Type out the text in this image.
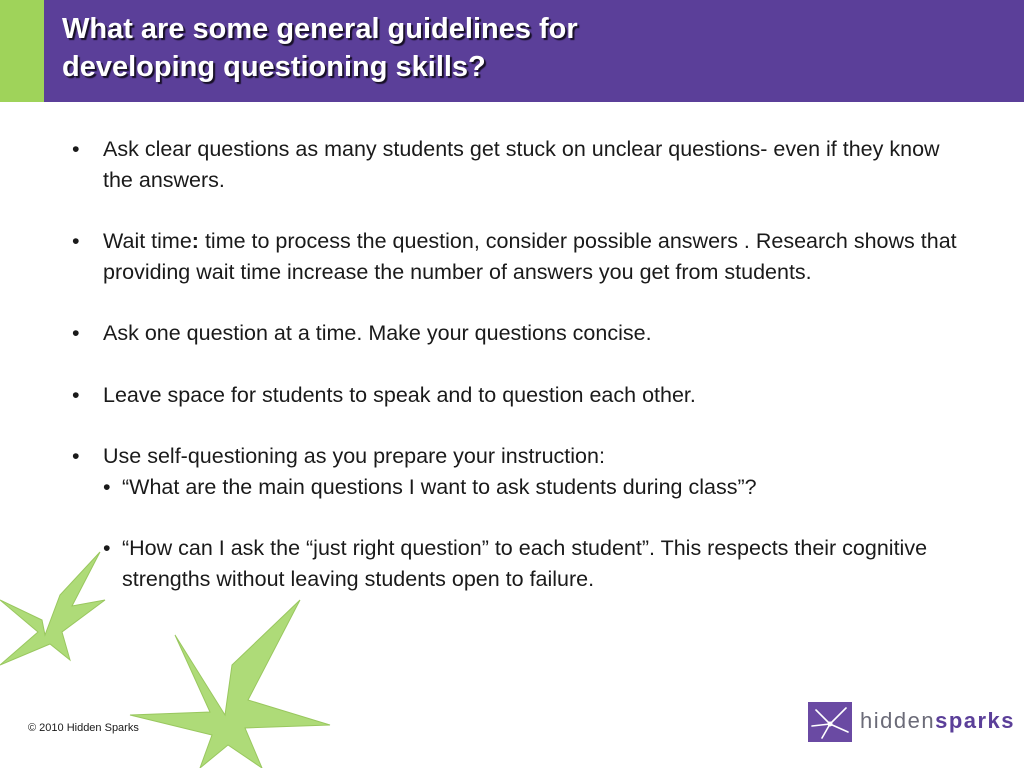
What are some general guidelines for
developing questioning skills?
• Ask clear questions as many students get stuck on unclear questions- even if they know the answers.
• Wait time: time to process the question, consider possible answers . Research shows that providing wait time increase the number of answers you get from students.
• Ask one question at a time. Make your questions concise.
• Leave space for students to speak and to question each other.
• Use self-questioning as you prepare your instruction:
• “What are the main questions I want to ask students during class”?
• “How can I ask the “just right question” to each student”. This respects their cognitive strengths without leaving students open to failure.
© 2010 Hidden Sparks	hiddensparks
